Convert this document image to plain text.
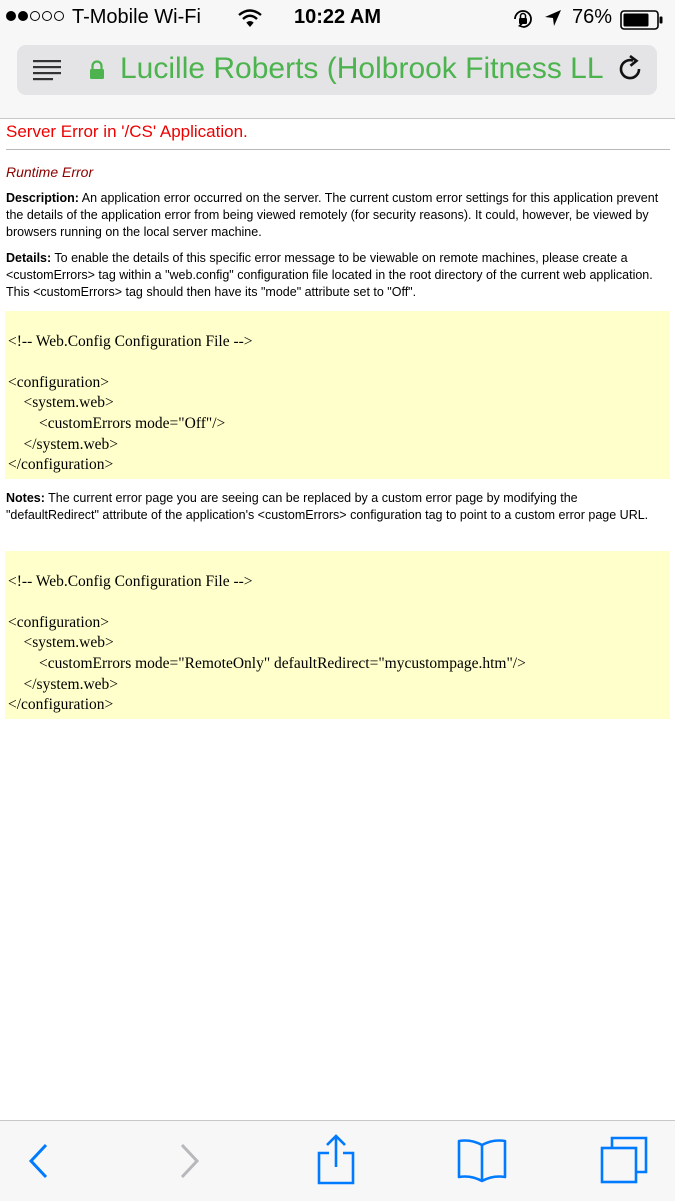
T-Mobile Wi-Fi	10:22 AM	76%
Lucille Roberts (Holbrook Fitness LL
Server Error in '/CS' Application.
Runtime Error
Description: An application error occurred on the server. The current custom error settings for this application prevent the details of the application error from being viewed remotely (for security reasons). It could, however, be viewed by browsers running on the local server machine.
Details: To enable the details of this specific error message to be viewable on remote machines, please create a <customErrors> tag within a "web.config" configuration file located in the root directory of the current web application. This <customErrors> tag should then have its "mode" attribute set to "Off".
<!-- Web.Config Configuration File -->
<configuration>
<system.web>
<customErrors mode="Off"/>
</system.web>
</configuration>
Notes: The current error page you are seeing can be replaced by a custom error page by modifying the "defaultRedirect" attribute of the application's <customErrors> configuration tag to point to a custom error page URL.
<!-- Web.Config Configuration File -->
<configuration>
<system.web>
<customErrors mode="RemoteOnly" defaultRedirect="mycustompage.htm"/>
</system.web>
</configuration>
